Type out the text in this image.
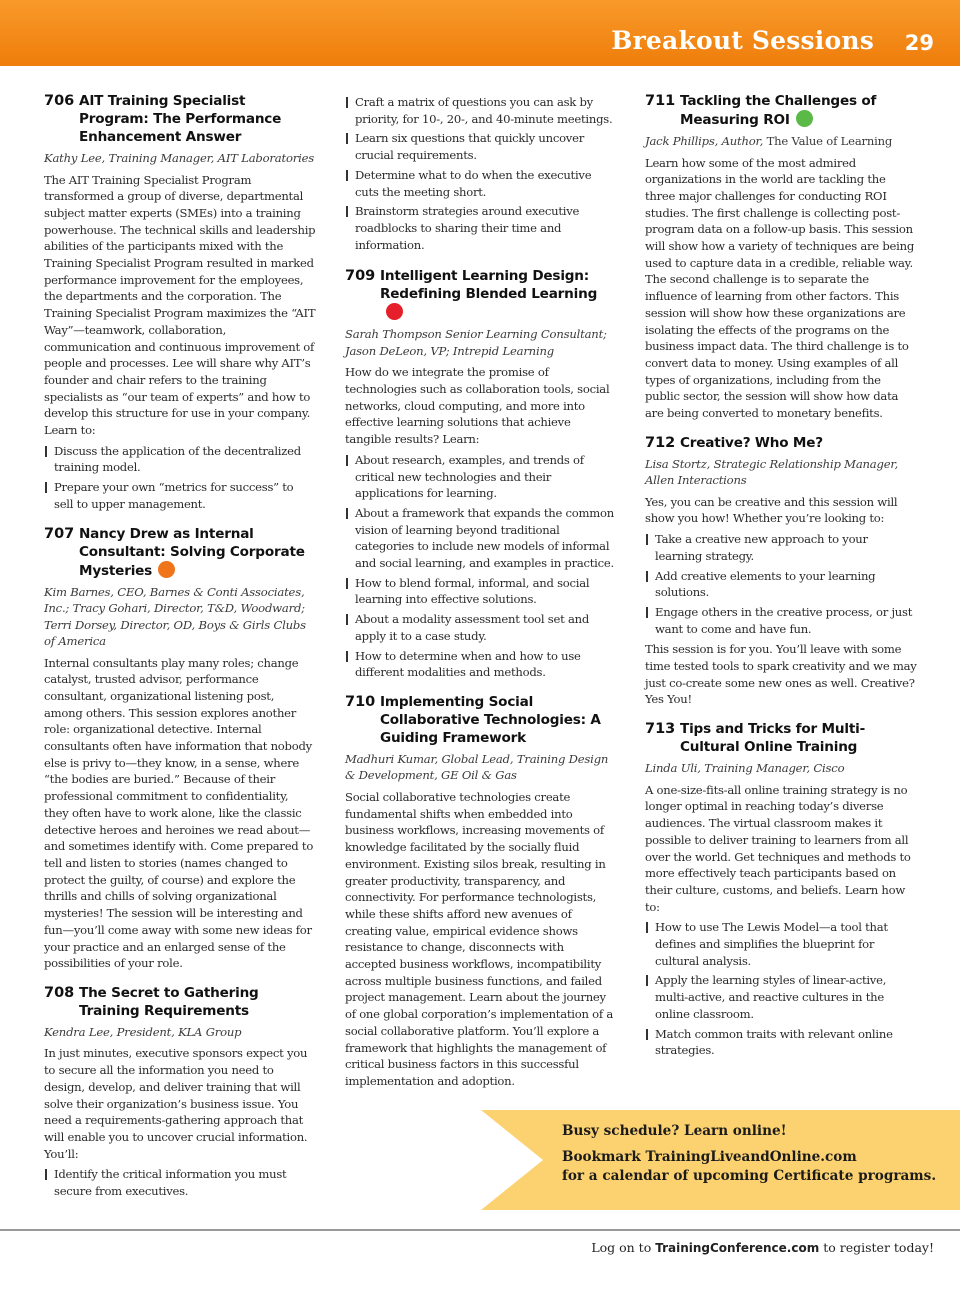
Breakout Sessions 29
706 AIT Training Specialist Program: The Performance Enhancement Answer
Kathy Lee, Training Manager, AIT Laboratories
The AIT Training Specialist Program transformed a group of diverse, departmental subject matter experts (SMEs) into a training powerhouse. The technical skills and leadership abilities of the participants mixed with the Training Specialist Program resulted in marked performance improvement for the employees, the departments and the corporation. The Training Specialist Program maximizes the “AIT Way”—teamwork, collaboration, communication and continuous improvement of people and processes. Lee will share why AIT’s founder and chair refers to the training specialists as “our team of experts” and how to develop this structure for use in your company. Learn to:
Discuss the application of the decentralized training model.
Prepare your own “metrics for success” to sell to upper management.
707 Nancy Drew as Internal Consultant: Solving Corporate Mysteries
Kim Barnes, CEO, Barnes & Conti Associates, Inc.; Tracy Gohari, Director, T&D, Woodward; Terri Dorsey, Director, OD, Boys & Girls Clubs of America
Internal consultants play many roles; change catalyst, trusted advisor, performance consultant, organizational listening post, among others. This session explores another role: organizational detective. Internal consultants often have information that nobody else is privy to—they know, in a sense, where “the bodies are buried.” Because of their professional commitment to confidentiality, they often have to work alone, like the classic detective heroes and heroines we read about—and sometimes identify with. Come prepared to tell and listen to stories (names changed to protect the guilty, of course) and explore the thrills and chills of solving organizational mysteries! The session will be interesting and fun—you’ll come away with some new ideas for your practice and an enlarged sense of the possibilities of your role.
708 The Secret to Gathering Training Requirements
Kendra Lee, President, KLA Group
In just minutes, executive sponsors expect you to secure all the information you need to design, develop, and deliver training that will solve their organization’s business issue. You need a requirements-gathering approach that will enable you to uncover crucial information. You’ll:
Identify the critical information you must secure from executives.
Craft a matrix of questions you can ask by priority, for 10-, 20-, and 40-minute meetings.
Learn six questions that quickly uncover crucial requirements.
Determine what to do when the executive cuts the meeting short.
Brainstorm strategies around executive roadblocks to sharing their time and information.
709 Intelligent Learning Design: Redefining Blended Learning
Sarah Thompson Senior Learning Consultant; Jason DeLeon, VP; Intrepid Learning
How do we integrate the promise of technologies such as collaboration tools, social networks, cloud computing, and more into effective learning solutions that achieve tangible results? Learn:
About research, examples, and trends of critical new technologies and their applications for learning.
About a framework that expands the common vision of learning beyond traditional categories to include new models of informal and social learning, and examples in practice.
How to blend formal, informal, and social learning into effective solutions.
About a modality assessment tool set and apply it to a case study.
How to determine when and how to use different modalities and methods.
710 Implementing Social Collaborative Technologies: A Guiding Framework
Madhuri Kumar, Global Lead, Training Design & Development, GE Oil & Gas
Social collaborative technologies create fundamental shifts when embedded into business workflows, increasing movements of knowledge facilitated by the socially fluid environment. Existing silos break, resulting in greater productivity, transparency, and connectivity. For performance technologists, while these shifts afford new avenues of creating value, empirical evidence shows resistance to change, disconnects with accepted business workflows, incompatibility across multiple business functions, and failed project management. Learn about the journey of one global corporation’s implementation of a social collaborative platform. You’ll explore a framework that highlights the management of critical business factors in this successful implementation and adoption.
711 Tackling the Challenges of Measuring ROI
Jack Phillips, Author, The Value of Learning
Learn how some of the most admired organizations in the world are tackling the three major challenges for conducting ROI studies. The first challenge is collecting post-program data on a follow-up basis. This session will show how a variety of techniques are being used to capture data in a credible, reliable way. The second challenge is to separate the influence of learning from other factors. This session will show how these organizations are isolating the effects of the programs on the business impact data. The third challenge is to convert data to money. Using examples of all types of organizations, including from the public sector, the session will show how data are being converted to monetary benefits.
712 Creative? Who Me?
Lisa Stortz, Strategic Relationship Manager, Allen Interactions
Yes, you can be creative and this session will show you how! Whether you’re looking to:
Take a creative new approach to your learning strategy.
Add creative elements to your learning solutions.
Engage others in the creative process, or just want to come and have fun.
This session is for you. You’ll leave with some time tested tools to spark creativity and we may just co-create some new ones as well. Creative? Yes You!
713 Tips and Tricks for Multi-Cultural Online Training
Linda Uli, Training Manager, Cisco
A one-size-fits-all online training strategy is no longer optimal in reaching today’s diverse audiences. The virtual classroom makes it possible to deliver training to learners from all over the world. Get techniques and methods to more effectively teach participants based on their culture, customs, and beliefs. Learn how to:
How to use The Lewis Model—a tool that defines and simplifies the blueprint for cultural analysis.
Apply the learning styles of linear-active, multi-active, and reactive cultures in the online classroom.
Match common traits with relevant online strategies.
Busy schedule? Learn online!
Bookmark TrainingLiveandOnline.com
for a calendar of upcoming Certificate programs.
Log on to TrainingConference.com to register today!
